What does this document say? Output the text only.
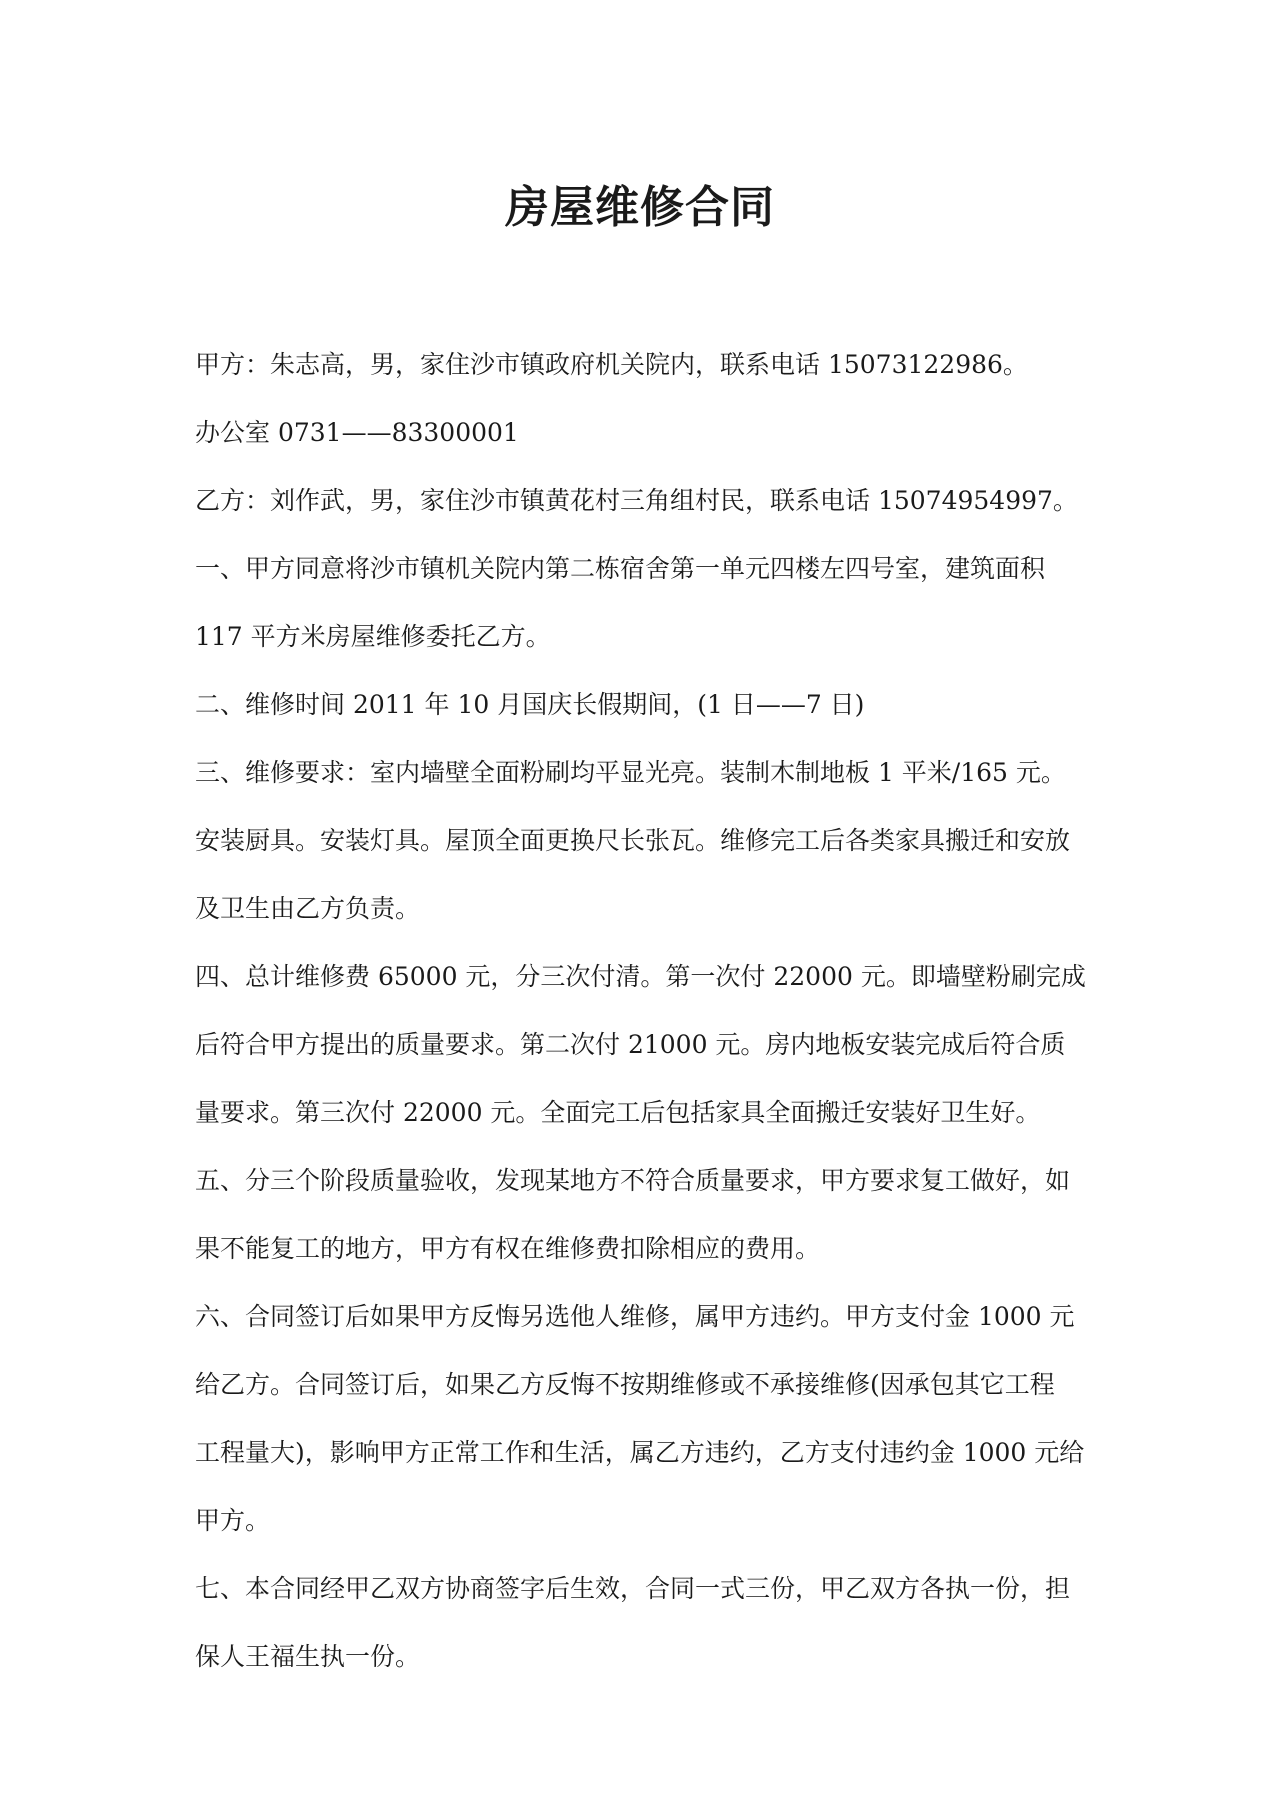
房屋维修合同
甲方：朱志高，男，家住沙市镇政府机关院内，联系电话 15073122986。
办公室 0731——83300001
乙方：刘作武，男，家住沙市镇黄花村三角组村民，联系电话 15074954997。
一、甲方同意将沙市镇机关院内第二栋宿舍第一单元四楼左四号室，建筑面积
117 平方米房屋维修委托乙方。
二、维修时间 2011 年 10 月国庆长假期间，(1 日——7 日)
三、维修要求：室内墙壁全面粉刷均平显光亮。装制木制地板 1 平米/165 元。
安装厨具。安装灯具。屋顶全面更换尺长张瓦。维修完工后各类家具搬迁和安放
及卫生由乙方负责。
四、总计维修费 65000 元，分三次付清。第一次付 22000 元。即墙壁粉刷完成
后符合甲方提出的质量要求。第二次付 21000 元。房内地板安装完成后符合质
量要求。第三次付 22000 元。全面完工后包括家具全面搬迁安装好卫生好。
五、分三个阶段质量验收，发现某地方不符合质量要求，甲方要求复工做好，如
果不能复工的地方，甲方有权在维修费扣除相应的费用。
六、合同签订后如果甲方反悔另选他人维修，属甲方违约。甲方支付金 1000 元
给乙方。合同签订后，如果乙方反悔不按期维修或不承接维修(因承包其它工程
工程量大)，影响甲方正常工作和生活，属乙方违约，乙方支付违约金 1000 元给
甲方。
七、本合同经甲乙双方协商签字后生效，合同一式三份，甲乙双方各执一份，担
保人王福生执一份。
